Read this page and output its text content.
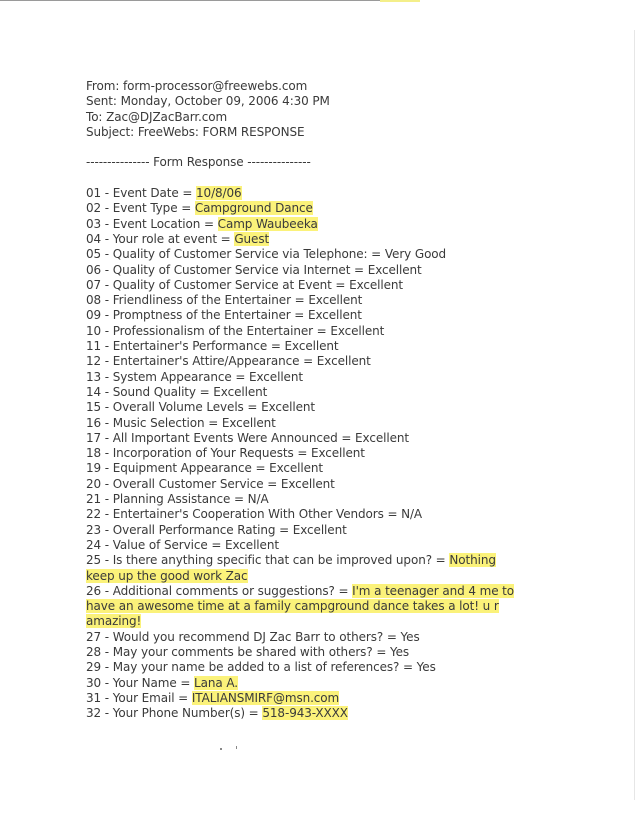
From: form-processor@freewebs.com
Sent: Monday, October 09, 2006 4:30 PM
To: Zac@DJZacBarr.com
Subject: FreeWebs: FORM RESPONSE
--------------- Form Response ---------------
01 - Event Date = 10/8/06
02 - Event Type = Campground Dance
03 - Event Location = Camp Waubeeka
04 - Your role at event = Guest
05 - Quality of Customer Service via Telephone: = Very Good
06 - Quality of Customer Service via Internet = Excellent
07 - Quality of Customer Service at Event = Excellent
08 - Friendliness of the Entertainer = Excellent
09 - Promptness of the Entertainer = Excellent
10 - Professionalism of the Entertainer = Excellent
11 - Entertainer's Performance = Excellent
12 - Entertainer's Attire/Appearance = Excellent
13 - System Appearance = Excellent
14 - Sound Quality = Excellent
15 - Overall Volume Levels = Excellent
16 - Music Selection = Excellent
17 - All Important Events Were Announced = Excellent
18 - Incorporation of Your Requests = Excellent
19 - Equipment Appearance = Excellent
20 - Overall Customer Service = Excellent
21 - Planning Assistance = N/A
22 - Entertainer's Cooperation With Other Vendors = N/A
23 - Overall Performance Rating = Excellent
24 - Value of Service = Excellent
25 - Is there anything specific that can be improved upon? = Nothing keep up the good work Zac
26 - Additional comments or suggestions? = I'm a teenager and 4 me to have an awesome time at a family campground dance takes a lot! u r amazing!
27 - Would you recommend DJ Zac Barr to others? = Yes
28 - May your comments be shared with others? = Yes
29 - May your name be added to a list of references? = Yes
30 - Your Name = Lana A.
31 - Your Email = ITALIANSMIRF@msn.com
32 - Your Phone Number(s) = 518-943-XXXX
